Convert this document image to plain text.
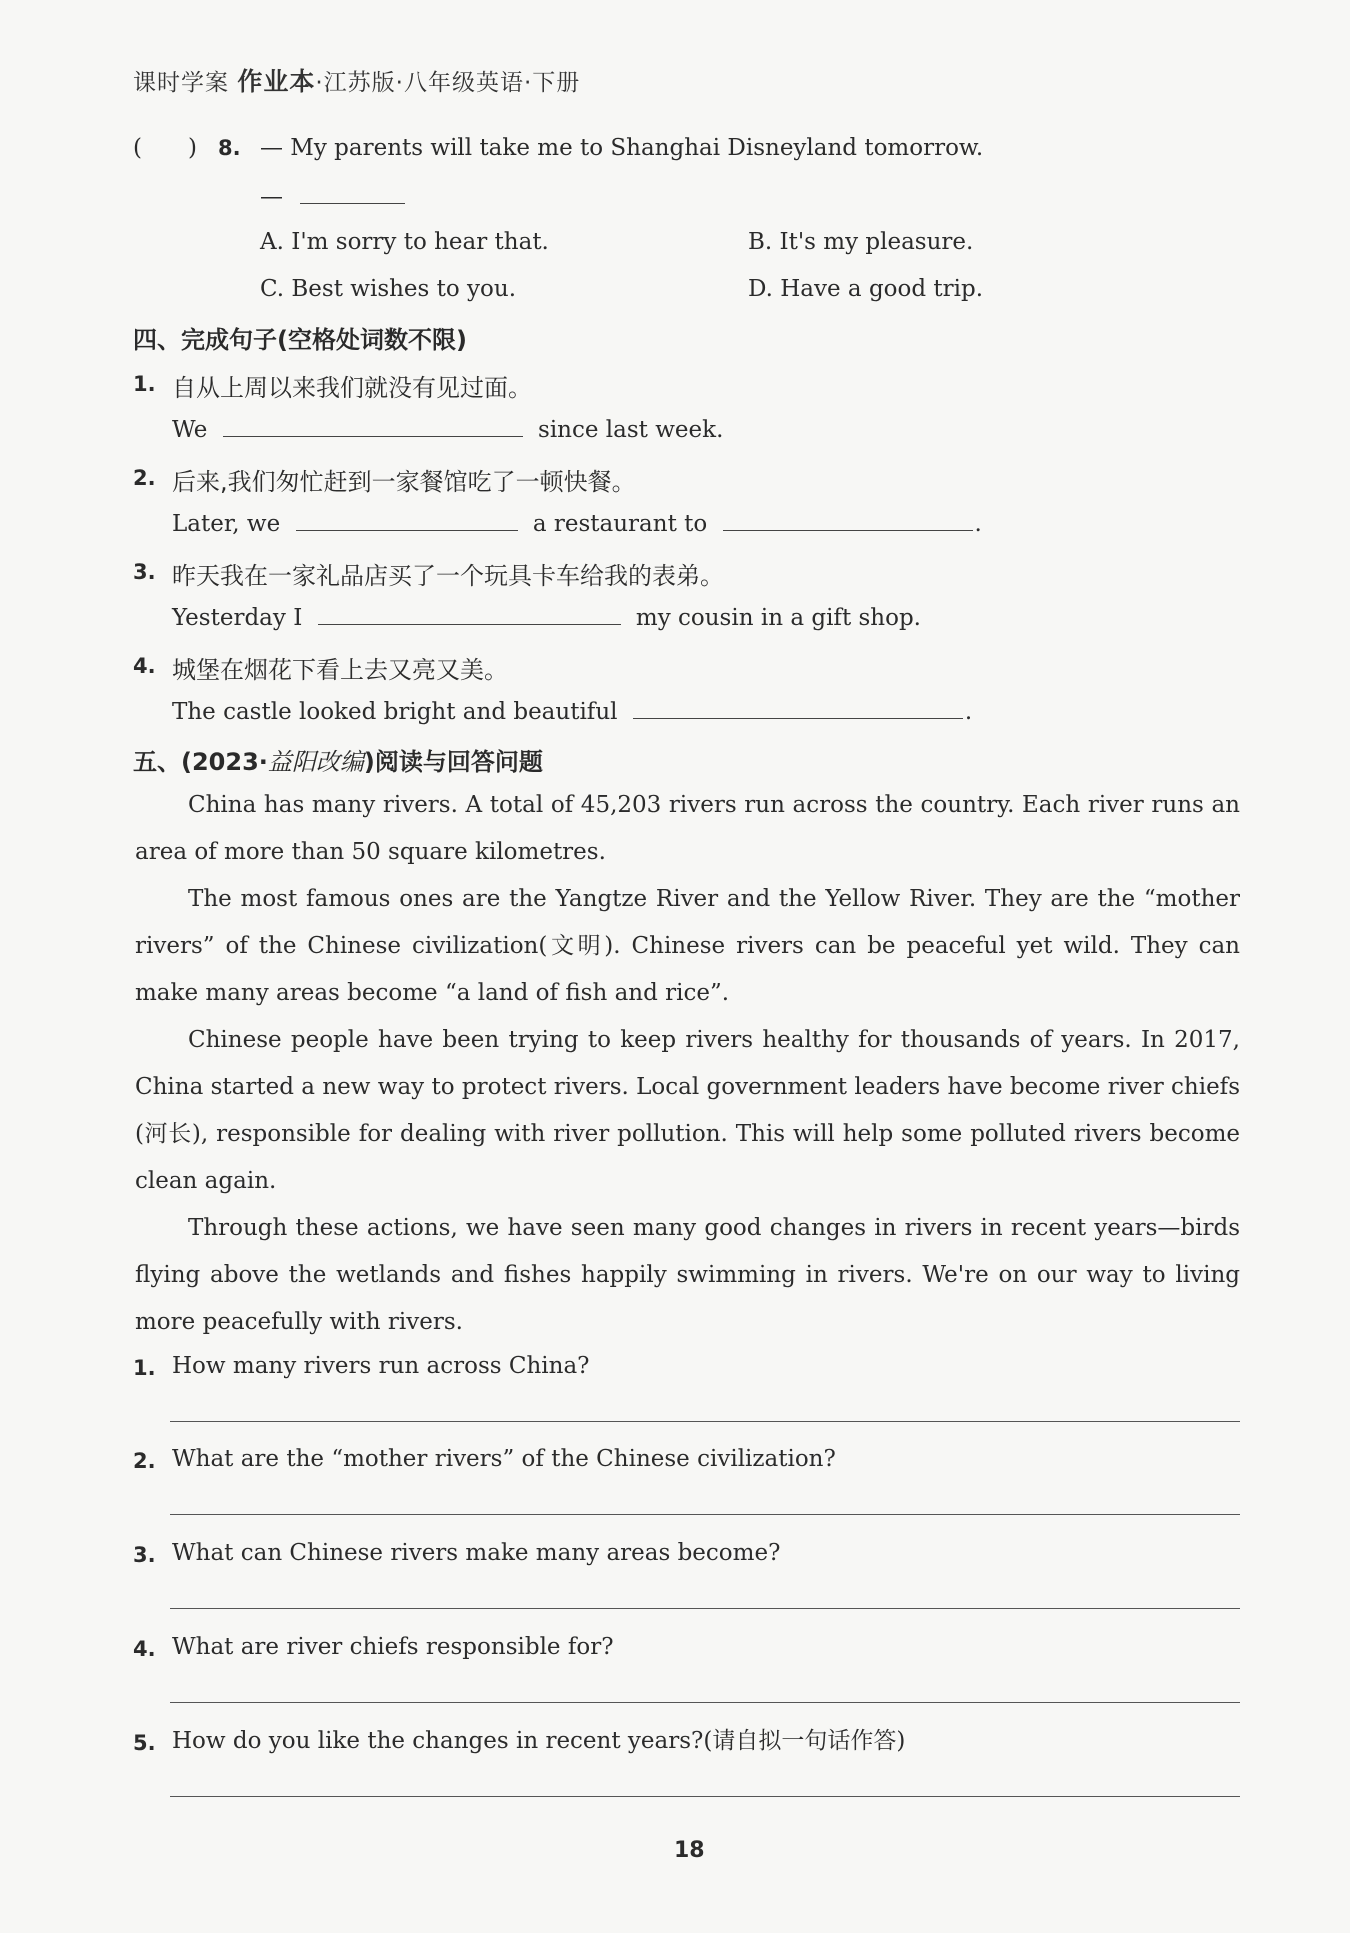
课时学案 作业本·江苏版·八年级英语·下册
(　　) 8. — My parents will take me to Shanghai Disneyland tomorrow.
—
A. I'm sorry to hear that.	B. It's my pleasure.
C. Best wishes to you.	D. Have a good trip.
四、完成句子(空格处词数不限)
1. 自从上周以来我们就没有见过面。
We	since last week.
2. 后来,我们匆忙赶到一家餐馆吃了一顿快餐。
Later, we	a restaurant to	.
3. 昨天我在一家礼品店买了一个玩具卡车给我的表弟。
Yesterday I	my cousin in a gift shop.
4. 城堡在烟花下看上去又亮又美。
The castle looked bright and beautiful	.
五、(2023·益阳改编)阅读与回答问题
China has many rivers. A total of 45,203 rivers run across the country. Each river runs an area of more than 50 square kilometres.
The most famous ones are the Yangtze River and the Yellow River. They are the “mother rivers” of the Chinese civilization(文明). Chinese rivers can be peaceful yet wild. They can make many areas become “a land of fish and rice”.
Chinese people have been trying to keep rivers healthy for thousands of years. In 2017, China started a new way to protect rivers. Local government leaders have become river chiefs (河长), responsible for dealing with river pollution. This will help some polluted rivers become clean again.
Through these actions, we have seen many good changes in rivers in recent years—birds flying above the wetlands and fishes happily swimming in rivers. We're on our way to living more peacefully with rivers.
1. How many rivers run across China?
2. What are the “mother rivers” of the Chinese civilization?
3. What can Chinese rivers make many areas become?
4. What are river chiefs responsible for?
5. How do you like the changes in recent years?(请自拟一句话作答)
18
